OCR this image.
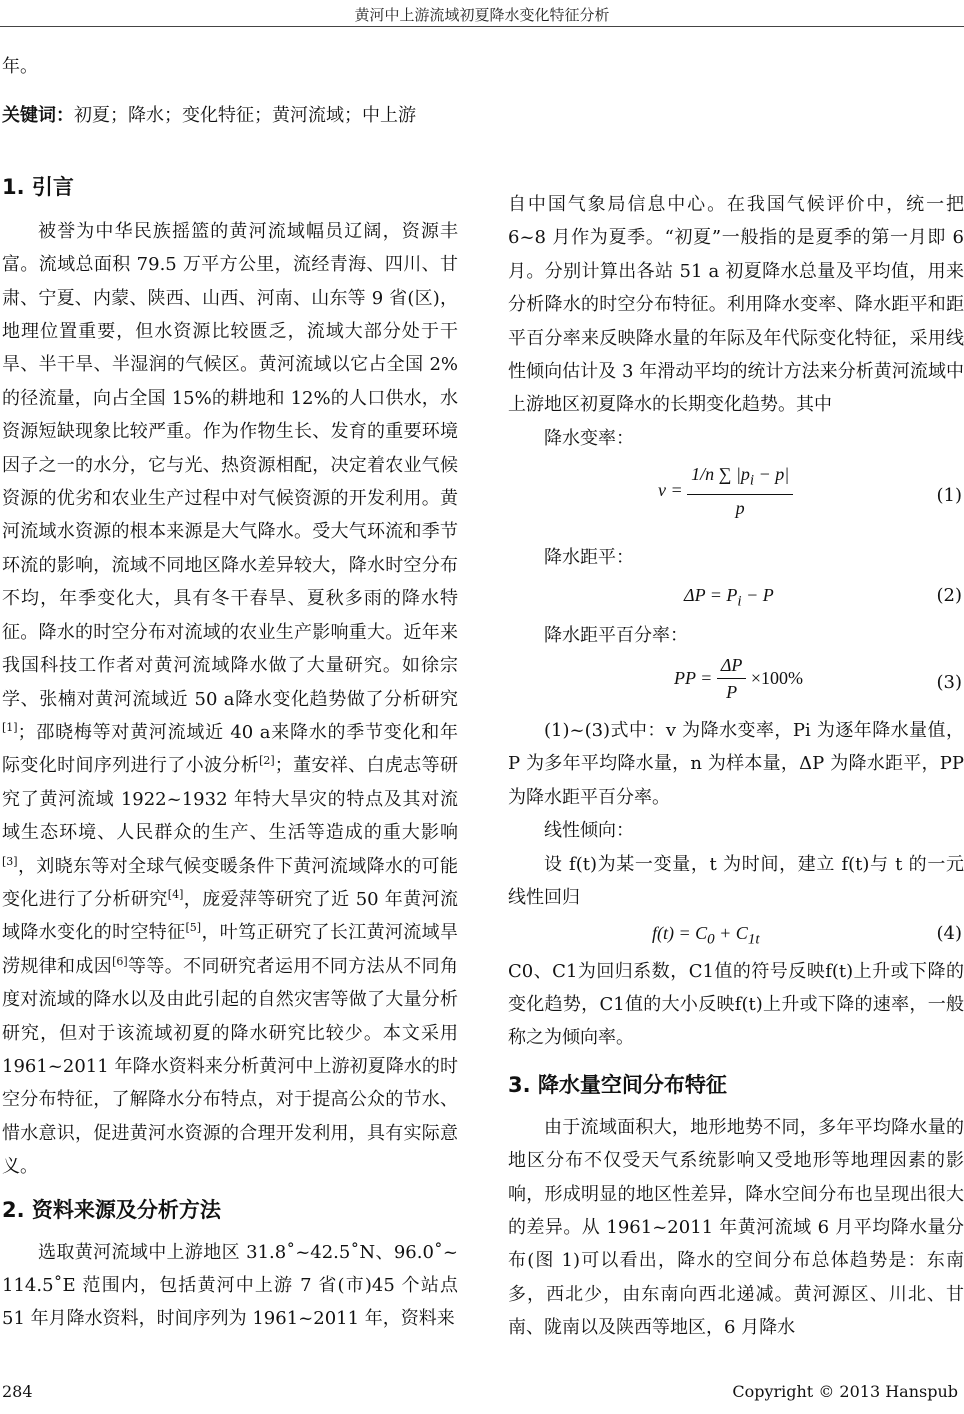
黄河中上游流域初夏降水变化特征分析

年。

关键词：初夏；降水；变化特征；黄河流域；中上游

1. 引言

被誉为中华民族摇篮的黄河流域幅员辽阔，资源丰富。流域总面积 79.5 万平方公里，流经青海、四川、甘肃、宁夏、内蒙、陕西、山西、河南、山东等 9 省(区)，地理位置重要，但水资源比较匮乏，流域大部分处于干旱、半干旱、半湿润的气候区。黄河流域以它占全国 2%的径流量，向占全国 15%的耕地和 12%的人口供水，水资源短缺现象比较严重。作为作物生长、发育的重要环境因子之一的水分，它与光、热资源相配，决定着农业气候资源的优劣和农业生产过程中对气候资源的开发利用。黄河流域水资源的根本来源是大气降水。受大气环流和季节环流的影响，流域不同地区降水差异较大，降水时空分布不均，年季变化大，具有冬干春旱、夏秋多雨的降水特征。降水的时空分布对流域的农业生产影响重大。近年来我国科技工作者对黄河流域降水做了大量研究。如徐宗学、张楠对黄河流域近 50 a降水变化趋势做了分析研究[1]；邵晓梅等对黄河流域近 40 a来降水的季节变化和年际变化时间序列进行了小波分析[2]；董安祥、白虎志等研究了黄河流域 1922~1932 年特大旱灾的特点及其对流域生态环境、人民群众的生产、生活等造成的重大影响[3]，刘晓东等对全球气候变暖条件下黄河流域降水的可能变化进行了分析研究[4]，庞爱萍等研究了近 50 年黄河流域降水变化的时空特征[5]，叶笃正研究了长江黄河流域旱涝规律和成因[6]等等。不同研究者运用不同方法从不同角度对流域的降水以及由此引起的自然灾害等做了大量分析研究，但对于该流域初夏的降水研究比较少。本文采用 1961~2011 年降水资料来分析黄河中上游初夏降水的时空分布特征，了解降水分布特点，对于提高公众的节水、惜水意识，促进黄河水资源的合理开发利用，具有实际意义。

2. 资料来源及分析方法

选取黄河流域中上游地区 31.8˚~42.5˚N、96.0˚~ 114.5˚E 范围内，包括黄河中上游 7 省(市)45 个站点 51 年月降水资料，时间序列为 1961~2011 年，资料来

自中国气象局信息中心。在我国气候评价中，统一把 6~8 月作为夏季。“初夏”一般指的是夏季的第一月即 6 月。分别计算出各站 51 a 初夏降水总量及平均值，用来分析降水的时空分布特征。利用降水变率、降水距平和距平百分率来反映降水量的年际及年代际变化特征，采用线性倾向估计及 3 年滑动平均的统计方法来分析黄河流域中上游地区初夏降水的长期变化趋势。其中

降水变率：

$v = \frac{1/n \sum |p_i - p|}{p}$	(1)

降水距平：

$\Delta P = P_i - P$	(2)

降水距平百分率：

PP = $\frac{\Delta P}{P} \times 100\%$	(3)

(1)~(3)式中：v 为降水变率，Pi 为逐年降水量值，P 为多年平均降水量，n 为样本量，ΔP 为降水距平，PP 为降水距平百分率。

线性倾向：

设 f(t)为某一变量，t 为时间，建立 f(t)与 t 的一元线性回归

$f(t) = C_0 + C_{1t}$	(4)

C0、C1为回归系数，C1值的符号反映f(t)上升或下降的变化趋势，C1值的大小反映f(t)上升或下降的速率，一般称之为倾向率。

3. 降水量空间分布特征

由于流域面积大，地形地势不同，多年平均降水量的地区分布不仅受天气系统影响又受地形等地理因素的影响，形成明显的地区性差异，降水空间分布也呈现出很大的差异。从 1961~2011 年黄河流域 6 月平均降水量分布(图 1)可以看出，降水的空间分布总体趋势是：东南多，西北少，由东南向西北递减。黄河源区、川北、甘南、陇南以及陕西等地区，6 月降水

284	Copyright © 2013 Hanspub
